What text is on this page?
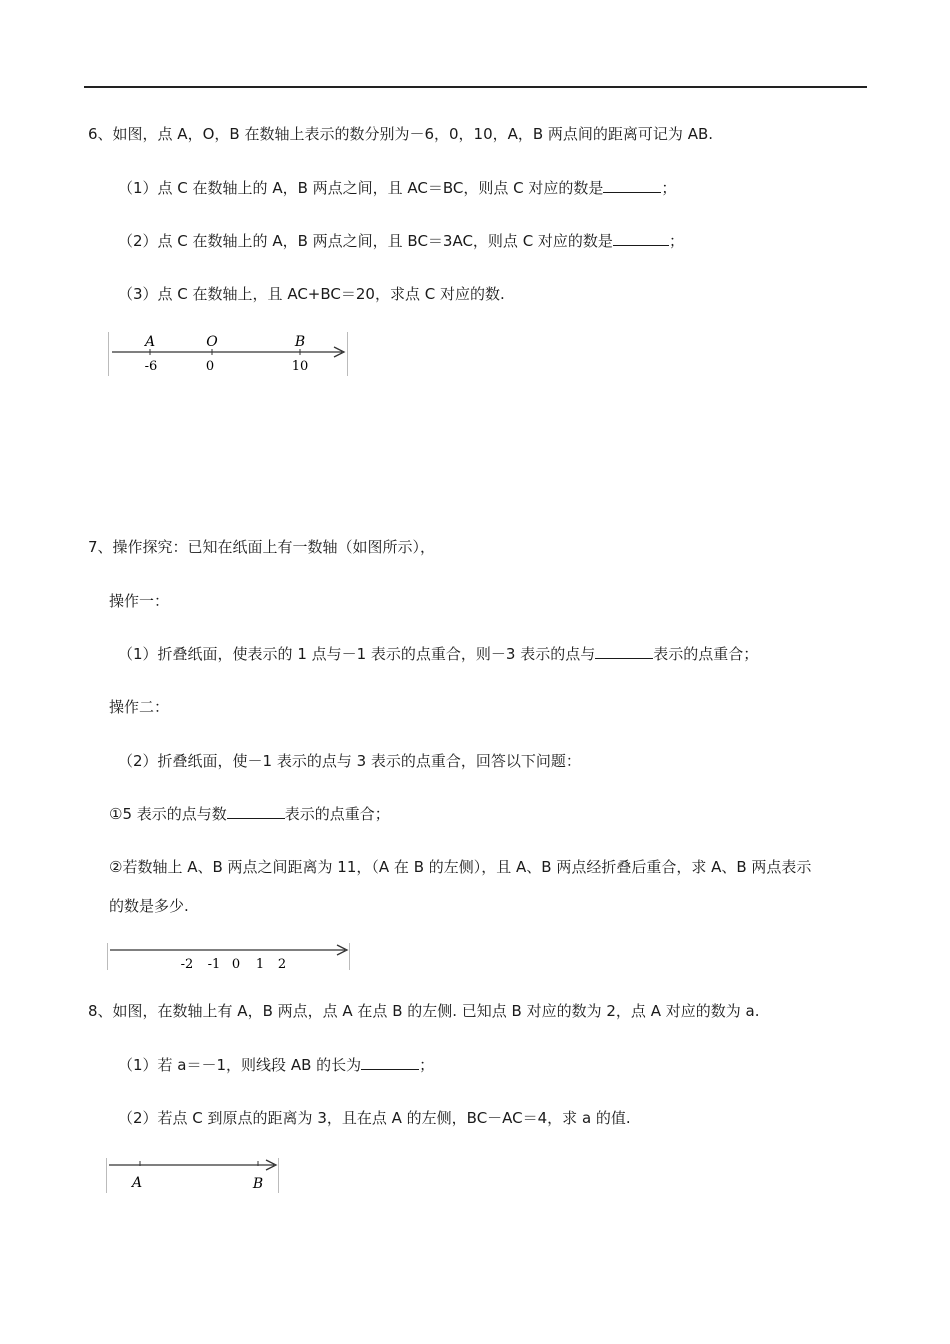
6、如图，点 A，O，B 在数轴上表示的数分别为－6，0，10，A，B 两点间的距离可记为 AB.
（1）点 C 在数轴上的 A，B 两点之间，且 AC＝BC，则点 C 对应的数是	；
（2）点 C 在数轴上的 A，B 两点之间，且 BC＝3AC，则点 C 对应的数是	；
（3）点 C 在数轴上，且 AC+BC＝20，求点 C 对应的数.
A	O	B
-6	0	10
7、操作探究：已知在纸面上有一数轴（如图所示），
操作一：
（1）折叠纸面，使表示的 1 点与－1 表示的点重合，则－3 表示的点与	表示的点重合；
操作二：
（2）折叠纸面，使－1 表示的点与 3 表示的点重合，回答以下问题：
①5 表示的点与数	表示的点重合；
②若数轴上 A、B 两点之间距离为 11，（A 在 B 的左侧），且 A、B 两点经折叠后重合，求 A、B 两点表示
的数是多少.
-2 -1 0 1 2
8、如图，在数轴上有 A，B 两点，点 A 在点 B 的左侧. 已知点 B 对应的数为 2，点 A 对应的数为 a.
（1）若 a＝－1，则线段 AB 的长为	；
（2）若点 C 到原点的距离为 3，且在点 A 的左侧，BC－AC＝4，求 a 的值.
A	B
